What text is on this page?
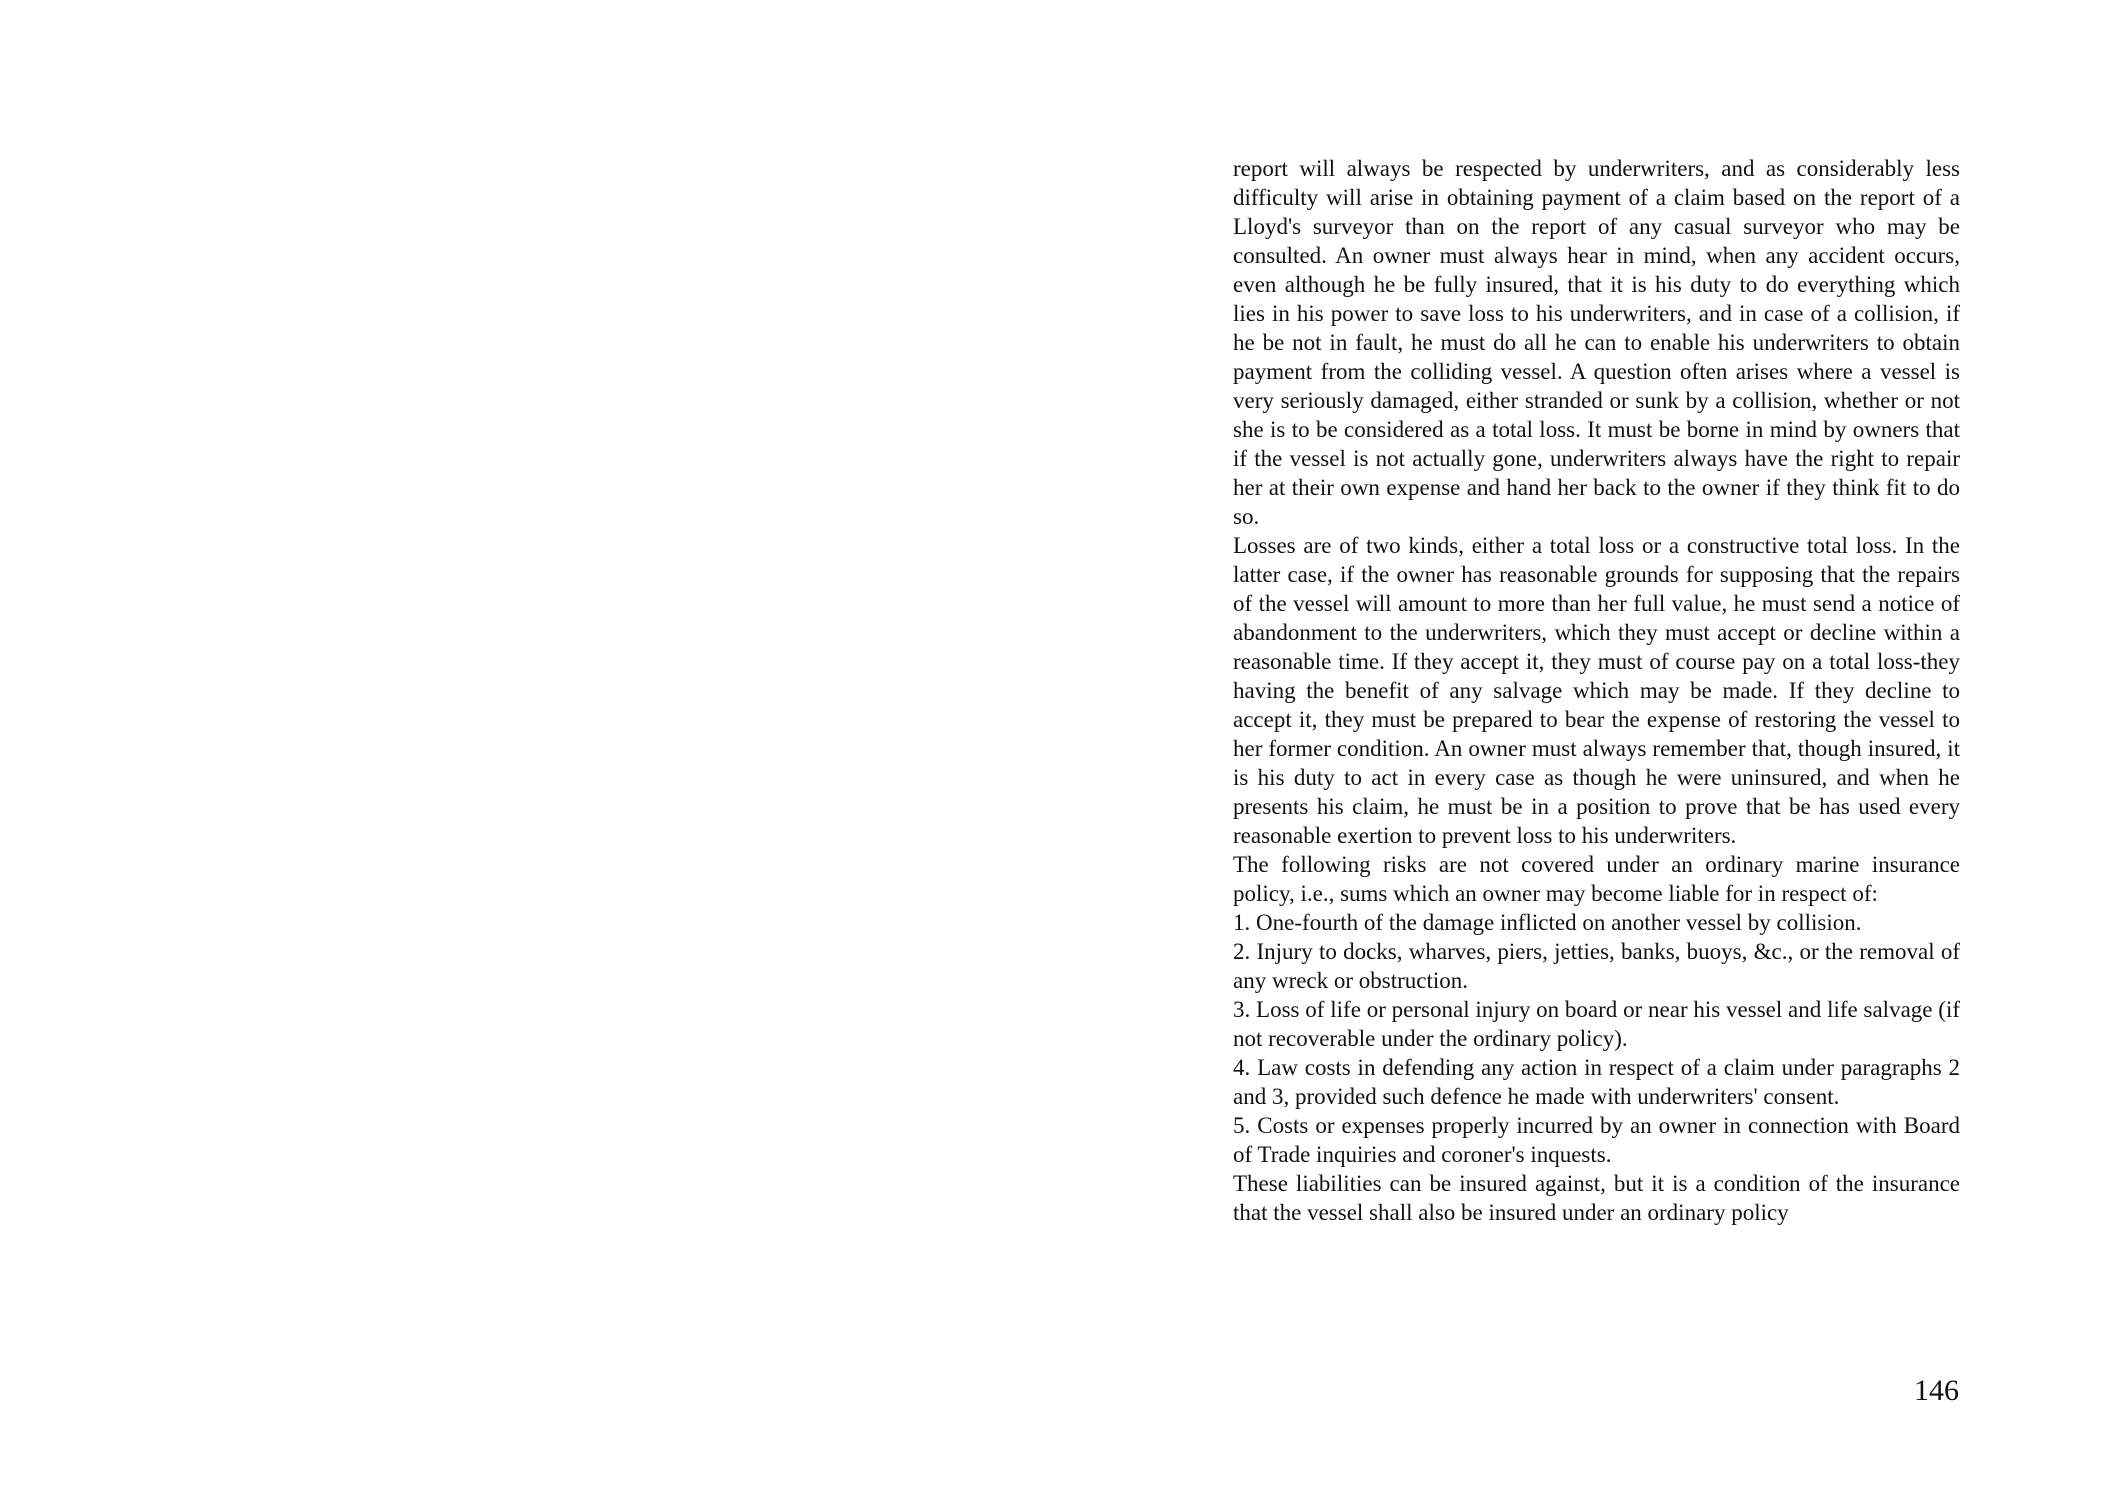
report will always be respected by underwriters, and as considerably less difficulty will arise in obtaining payment of a claim based on the report of a Lloyd's surveyor than on the report of any casual surveyor who may be consulted. An owner must always hear in mind, when any accident occurs, even although he be fully insured, that it is his duty to do everything which lies in his power to save loss to his underwriters, and in case of a collision, if he be not in fault, he must do all he can to enable his underwriters to obtain payment from the colliding vessel. A question often arises where a vessel is very seriously damaged, either stranded or sunk by a collision, whether or not she is to be considered as a total loss. It must be borne in mind by owners that if the vessel is not actually gone, underwriters always have the right to repair her at their own expense and hand her back to the owner if they think fit to do so.

Losses are of two kinds, either a total loss or a constructive total loss. In the latter case, if the owner has reasonable grounds for supposing that the repairs of the vessel will amount to more than her full value, he must send a notice of abandonment to the underwriters, which they must accept or decline within a reasonable time. If they accept it, they must of course pay on a total loss-they having the benefit of any salvage which may be made. If they decline to accept it, they must be prepared to bear the expense of restoring the vessel to her former condition. An owner must always remember that, though insured, it is his duty to act in every case as though he were uninsured, and when he presents his claim, he must be in a position to prove that be has used every reasonable exertion to prevent loss to his underwriters.

The following risks are not covered under an ordinary marine insurance policy, i.e., sums which an owner may become liable for in respect of:

1. One-fourth of the damage inflicted on another vessel by collision.

2. Injury to docks, wharves, piers, jetties, banks, buoys, &c., or the removal of any wreck or obstruction.

3. Loss of life or personal injury on board or near his vessel and life salvage (if not recoverable under the ordinary policy).

4. Law costs in defending any action in respect of a claim under paragraphs 2 and 3, provided such defence he made with underwriters' consent.

5. Costs or expenses properly incurred by an owner in connection with Board of Trade inquiries and coroner's inquests.

These liabilities can be insured against, but it is a condition of the insurance that the vessel shall also be insured under an ordinary policy

146
